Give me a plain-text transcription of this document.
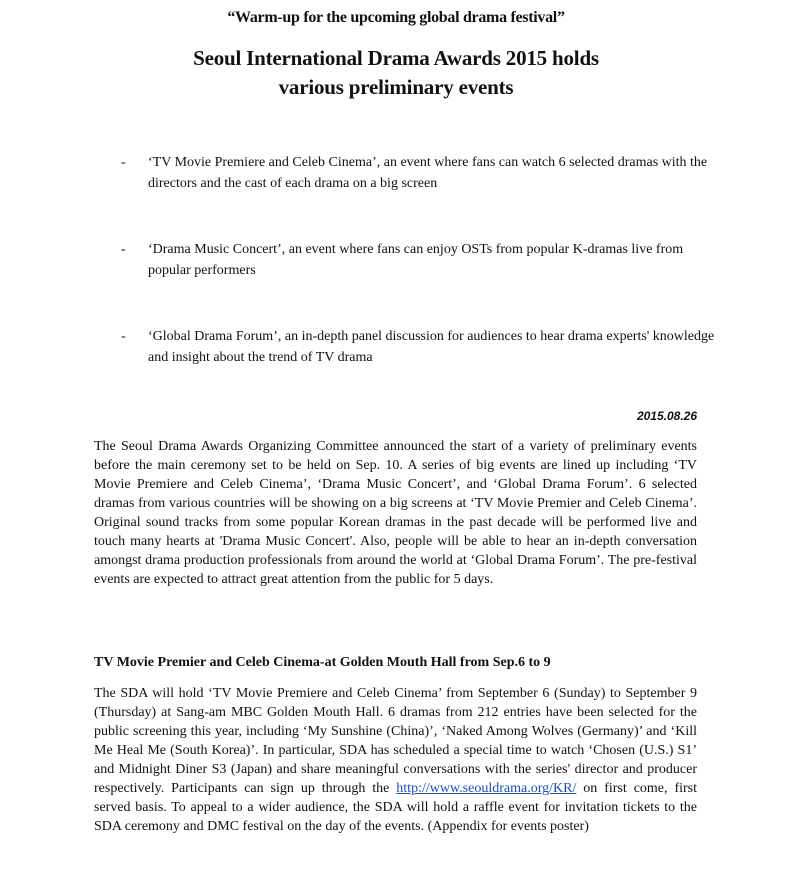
“Warm-up for the upcoming global drama festival”
Seoul International Drama Awards 2015 holds
various preliminary events
-	‘TV Movie Premiere and Celeb Cinema’, an event where fans can watch 6 selected dramas with the directors and the cast of each drama on a big screen
-	‘Drama Music Concert’, an event where fans can enjoy OSTs from popular K-dramas live from popular performers
-	‘Global Drama Forum’, an in-depth panel discussion for audiences to hear drama experts' knowledge and insight about the trend of TV drama
2015.08.26
The Seoul Drama Awards Organizing Committee announced the start of a variety of preliminary events before the main ceremony set to be held on Sep. 10. A series of big events are lined up including ‘TV Movie Premiere and Celeb Cinema’, ‘Drama Music Concert’, and ‘Global Drama Forum’. 6 selected dramas from various countries will be showing on a big screens at ‘TV Movie Premier and Celeb Cinema’. Original sound tracks from some popular Korean dramas in the past decade will be performed live and touch many hearts at 'Drama Music Concert'. Also, people will be able to hear an in-depth conversation amongst drama production professionals from around the world at ‘Global Drama Forum’. The pre-festival events are expected to attract great attention from the public for 5 days.
TV Movie Premier and Celeb Cinema-at Golden Mouth Hall from Sep.6 to 9
The SDA will hold ‘TV Movie Premiere and Celeb Cinema’ from September 6 (Sunday) to September 9 (Thursday) at Sang-am MBC Golden Mouth Hall. 6 dramas from 212 entries have been selected for the public screening this year, including ‘My Sunshine (China)’, ‘Naked Among Wolves (Germany)’ and ‘Kill Me Heal Me (South Korea)’. In particular, SDA has scheduled a special time to watch ‘Chosen (U.S.) S1’ and Midnight Diner S3 (Japan) and share meaningful conversations with the series' director and producer respectively. Participants can sign up through the http://www.seouldrama.org/KR/ on first come, first served basis. To appeal to a wider audience, the SDA will hold a raffle event for invitation tickets to the SDA ceremony and DMC festival on the day of the events. (Appendix for events poster)
